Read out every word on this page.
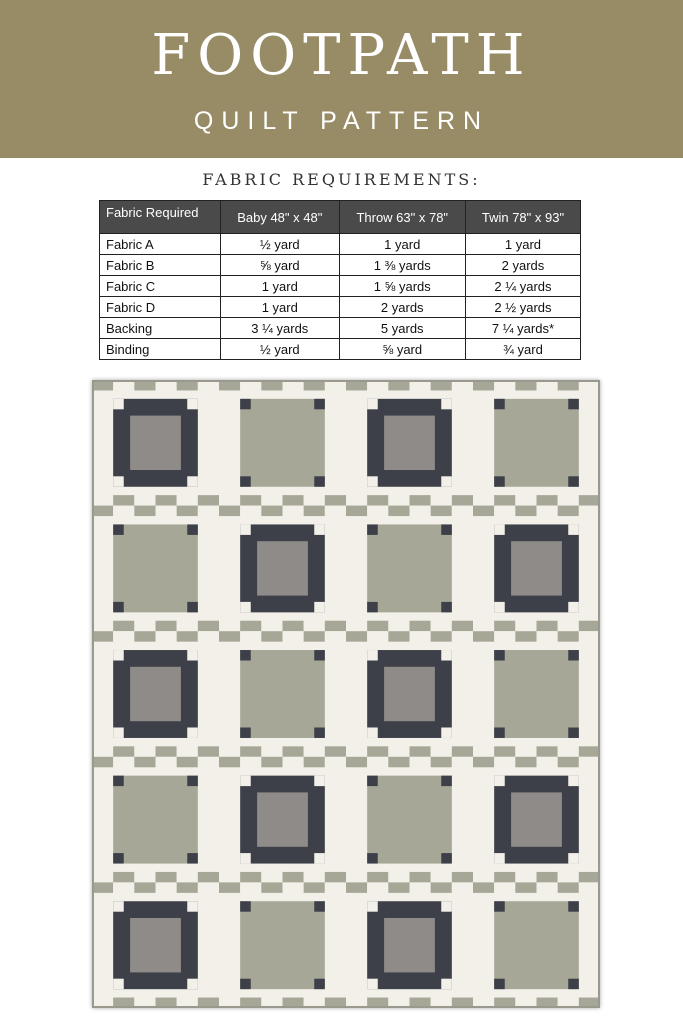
FOOTPATH
QUILT PATTERN
FABRIC REQUIREMENTS:
Fabric Required	Baby 48" x 48"	Throw 63" x 78"	Twin 78" x 93"
Fabric A	½ yard	1 yard	1 yard
Fabric B	⅝ yard	1 ⅜ yards	2 yards
Fabric C	1 yard	1 ⅝ yards	2 ¼ yards
Fabric D	1 yard	2 yards	2 ½ yards
Backing	3 ¼ yards	5 yards	7 ¼ yards*
Binding	½ yard	⅝ yard	¾ yard
